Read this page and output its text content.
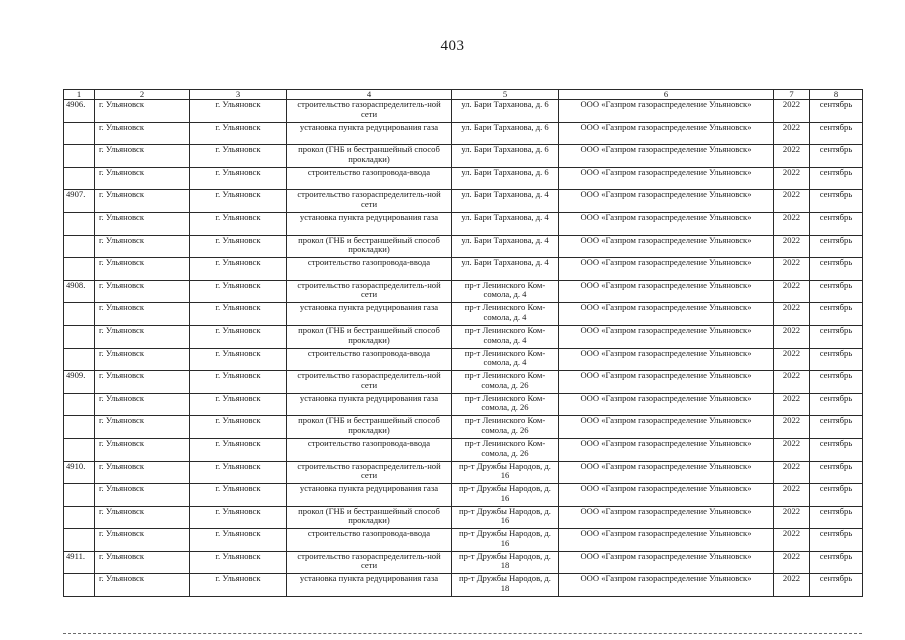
403
1	2	3	4	5	6	7	8
4906.	г. Ульяновск	г. Ульяновск	строительство газораспределитель-ной сети	ул. Бари Тарханова, д. 6	ООО «Газпром газораспределение Ульяновск»	2022	сентябрь
	г. Ульяновск	г. Ульяновск	установка пункта редуцирования газа	ул. Бари Тарханова, д. 6	ООО «Газпром газораспределение Ульяновск»	2022	сентябрь
	г. Ульяновск	г. Ульяновск	прокол (ГНБ и бестраншейный способ прокладки)	ул. Бари Тарханова, д. 6	ООО «Газпром газораспределение Ульяновск»	2022	сентябрь
	г. Ульяновск	г. Ульяновск	строительство газопровода-ввода	ул. Бари Тарханова, д. 6	ООО «Газпром газораспределение Ульяновск»	2022	сентябрь
4907.	г. Ульяновск	г. Ульяновск	строительство газораспределитель-ной сети	ул. Бари Тарханова, д. 4	ООО «Газпром газораспределение Ульяновск»	2022	сентябрь
	г. Ульяновск	г. Ульяновск	установка пункта редуцирования газа	ул. Бари Тарханова, д. 4	ООО «Газпром газораспределение Ульяновск»	2022	сентябрь
	г. Ульяновск	г. Ульяновск	прокол (ГНБ и бестраншейный способ прокладки)	ул. Бари Тарханова, д. 4	ООО «Газпром газораспределение Ульяновск»	2022	сентябрь
	г. Ульяновск	г. Ульяновск	строительство газопровода-ввода	ул. Бари Тарханова, д. 4	ООО «Газпром газораспределение Ульяновск»	2022	сентябрь
4908.	г. Ульяновск	г. Ульяновск	строительство газораспределитель-ной сети	пр-т Ленинского Ком-сомола, д. 4	ООО «Газпром газораспределение Ульяновск»	2022	сентябрь
	г. Ульяновск	г. Ульяновск	установка пункта редуцирования газа	пр-т Ленинского Ком-сомола, д. 4	ООО «Газпром газораспределение Ульяновск»	2022	сентябрь
	г. Ульяновск	г. Ульяновск	прокол (ГНБ и бестраншейный способ прокладки)	пр-т Ленинского Ком-сомола, д. 4	ООО «Газпром газораспределение Ульяновск»	2022	сентябрь
	г. Ульяновск	г. Ульяновск	строительство газопровода-ввода	пр-т Ленинского Ком-сомола, д. 4	ООО «Газпром газораспределение Ульяновск»	2022	сентябрь
4909.	г. Ульяновск	г. Ульяновск	строительство газораспределитель-ной сети	пр-т Ленинского Ком-сомола, д. 26	ООО «Газпром газораспределение Ульяновск»	2022	сентябрь
	г. Ульяновск	г. Ульяновск	установка пункта редуцирования газа	пр-т Ленинского Ком-сомола, д. 26	ООО «Газпром газораспределение Ульяновск»	2022	сентябрь
	г. Ульяновск	г. Ульяновск	прокол (ГНБ и бестраншейный способ прокладки)	пр-т Ленинского Ком-сомола, д. 26	ООО «Газпром газораспределение Ульяновск»	2022	сентябрь
	г. Ульяновск	г. Ульяновск	строительство газопровода-ввода	пр-т Ленинского Ком-сомола, д. 26	ООО «Газпром газораспределение Ульяновск»	2022	сентябрь
4910.	г. Ульяновск	г. Ульяновск	строительство газораспределитель-ной сети	пр-т Дружбы Народов, д. 16	ООО «Газпром газораспределение Ульяновск»	2022	сентябрь
	г. Ульяновск	г. Ульяновск	установка пункта редуцирования газа	пр-т Дружбы Народов, д. 16	ООО «Газпром газораспределение Ульяновск»	2022	сентябрь
	г. Ульяновск	г. Ульяновск	прокол (ГНБ и бестраншейный способ прокладки)	пр-т Дружбы Народов, д. 16	ООО «Газпром газораспределение Ульяновск»	2022	сентябрь
	г. Ульяновск	г. Ульяновск	строительство газопровода-ввода	пр-т Дружбы Народов, д. 16	ООО «Газпром газораспределение Ульяновск»	2022	сентябрь
4911.	г. Ульяновск	г. Ульяновск	строительство газораспределитель-ной сети	пр-т Дружбы Народов, д. 18	ООО «Газпром газораспределение Ульяновск»	2022	сентябрь
	г. Ульяновск	г. Ульяновск	установка пункта редуцирования газа	пр-т Дружбы Народов, д. 18	ООО «Газпром газораспределение Ульяновск»	2022	сентябрь
